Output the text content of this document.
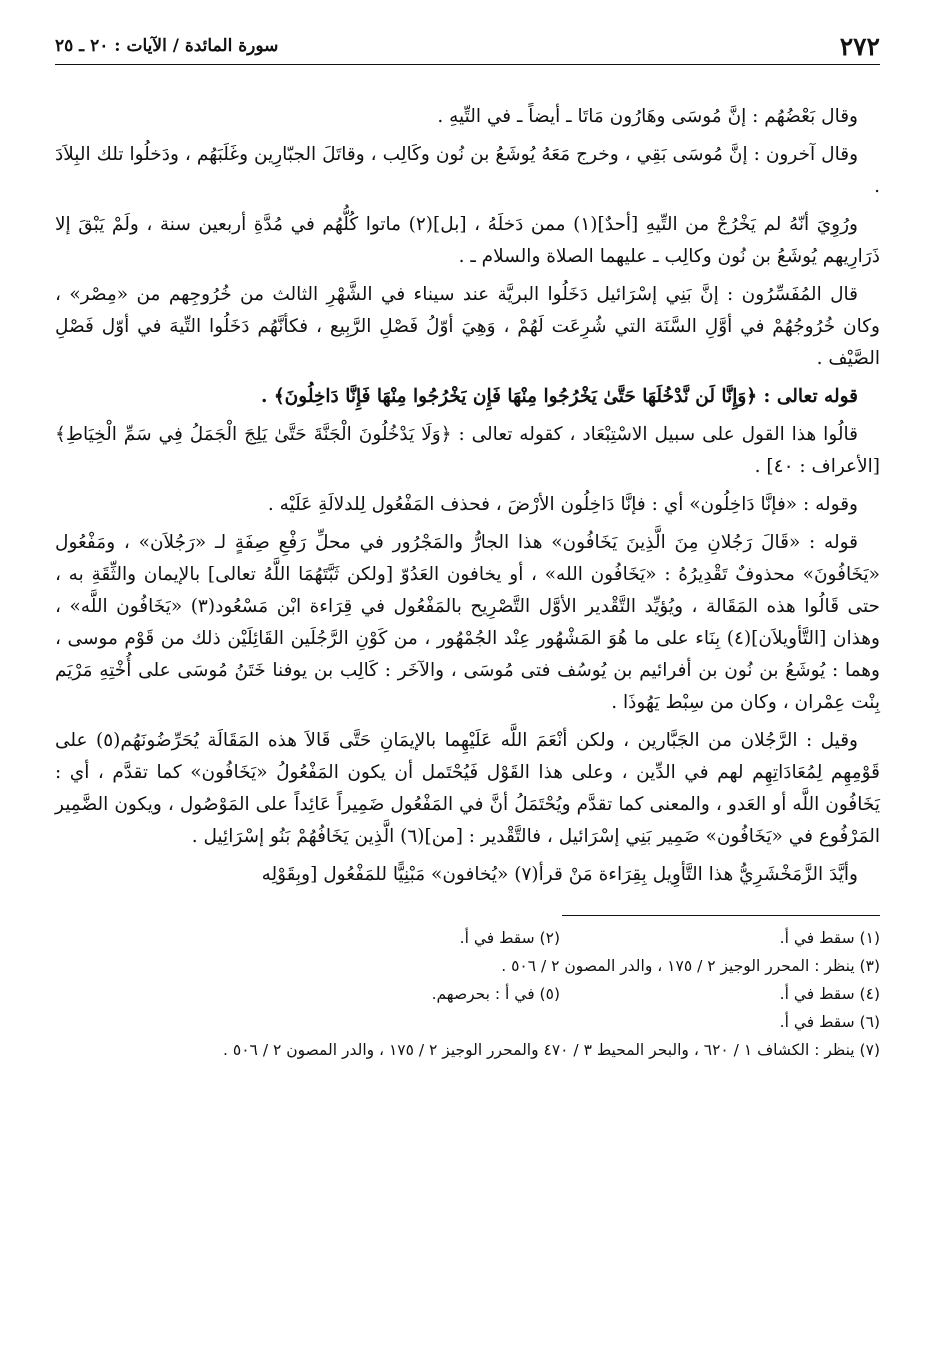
٢٧٢
سورة المائدة / الآيات : ٢٠ ـ ٢٥

وقال بَعْضُهُم : إنَّ مُوسَى وهَارُون مَاتَا ـ أيضاً ـ في التِّيهِ .

وقال آخرون : إنَّ مُوسَى بَقِي ، وخرج مَعَهُ يُوشَعُ بن نُون وكَالِب ، وقاتَلَ الجبّارِين وغَلَبَهُم ، ودَخلُوا تلك البِلاَدَ .

ورُوِيَ أنّهُ لم يَخْرُجْ من التِّيهِ [أحدٌ](١) ممن دَخلَهُ ، [بل](٢) ماتوا كُلُّهُم في مُدَّةِ أربعين سنة ، ولَمْ يَبْقَ إلا ذَرَارِيهم يُوشَعُ بن نُون وكالِب ـ عليهما الصلاة والسلام ـ .

قال المُفَسِّرُون : إنَّ بَنِي إسْرَائيل دَخَلُوا البريَّة عند سيناء في الشَّهْرِ الثالث من خُرُوجِهم من «مِصْر» ، وكان خُرُوجُهُمْ في أوَّلِ السَّنَة التي شُرِعَت لَهُمْ ، وَهِيَ أوّلُ فَصْلِ الرَّبِيع ، فكأنَّهُم دَخَلُوا التِّيهَ في أوّل فَصْلِ الصَّيْف .

قوله تعالى : ﴿وَإِنَّا لَن نَّدْخُلَهَا حَتَّىٰ يَخْرُجُوا مِنْهَا فَإِن يَخْرُجُوا مِنْهَا فَإِنَّا دَاخِلُونَ﴾ .

قالُوا هذا القول على سبيل الاسْتِبْعَاد ، كقوله تعالى : ﴿وَلَا يَدْخُلُونَ الْجَنَّةَ حَتَّىٰ يَلِجَ الْجَمَلُ فِي سَمِّ الْخِيَاطِ﴾ [الأعراف : ٤٠] .

وقوله : «فإنَّا دَاخِلُون» أي : فإنَّا دَاخِلُون الأرْضَ ، فحذف المَفْعُول لِلدلالَةِ عَلَيْه .

قوله : «قَالَ رَجُلانِ مِنَ الَّذِينَ يَخَافُون» هذا الجارُّ والمَجْرُور في محلِّ رَفْعِ صِفَةٍ لـ «رَجُلاَن» ، ومَفْعُول «يَخَافُونَ» محذوفٌ تَقْدِيرُهُ : «يَخَافُون الله» ، أو يخافون العَدُوّ [ولكن ثَبَّتَهُمَا اللَّهُ تعالى] بالإيمان والثِّقَةِ به ، حتى قَالُوا هذه المَقَالة ، ويُؤيِّد التَّقْدير الأوَّل التَّصْرِيح بالمَفْعُول في قِرَاءة ابْن مَسْعُود(٣) «يَخَافُون اللَّه» ، وهذان [التَّأويلاَن](٤) بِنَاء على ما هُوَ المَشْهُور عِنْد الجُمْهُور ، من كَوْنِ الرَّجُلَين القَائِلَيْن ذلك من قَوْم موسى ، وهما : يُوشَعُ بن نُون بن أفرائيم بن يُوسُف فتى مُوسَى ، والآخَر : كَالِب بن يوفنا خَتَنُ مُوسَى على أُخْتِهِ مَرْيَم بِنْت عِمْران ، وكان من سِبْط يَهُوذَا .

وقيل : الرَّجُلان من الجَبَّارين ، ولكن أنْعَمَ اللَّه عَلَيْهِما بالإيمَانِ حَتَّى قَالاَ هذه المَقَالَة يُحَرِّضُونَهُم(٥) على قَوْمِهِم لِمُعَادَاتِهِم لهم في الدِّين ، وعلى هذا القَوْل فَيُحْتَمل أن يكون المَفْعُولُ «يَخَافُون» كما تقدَّم ، أي : يَخَافُون اللَّه أو العَدو ، والمعنى كما تقدَّم ويُحْتَمَلُ أنَّ في المَفْعُول ضَمِيراً عَائِداً على المَوْصُول ، ويكون الضَّمِير المَرْفُوع في «يَخَافُون» ضَمِير بَنِي إسْرَائيل ، فالتَّقْدير : [من](٦) الَّذِين يَخَافُهُمْ بَنُو إسْرَائِيل .

وأيَّدَ الزَّمَخْشَرِيُّ هذا التَّأوِيل بِقِرَاءة مَنْ قرأ(٧) «يُخافون» مَبْنِيًّا للمَفْعُول [وبِقَوْلِه

(١) سقط في أ.
(٢) سقط في أ.
(٣) ينظر : المحرر الوجيز ٢ / ١٧٥ ، والدر المصون ٢ / ٥٠٦ .
(٤) سقط في أ.
(٥) في أ : بحرصهم.
(٦) سقط في أ.
(٧) ينظر : الكشاف ١ / ٦٢٠ ، والبحر المحيط ٣ / ٤٧٠ والمحرر الوجيز ٢ / ١٧٥ ، والدر المصون ٢ / ٥٠٦ .
